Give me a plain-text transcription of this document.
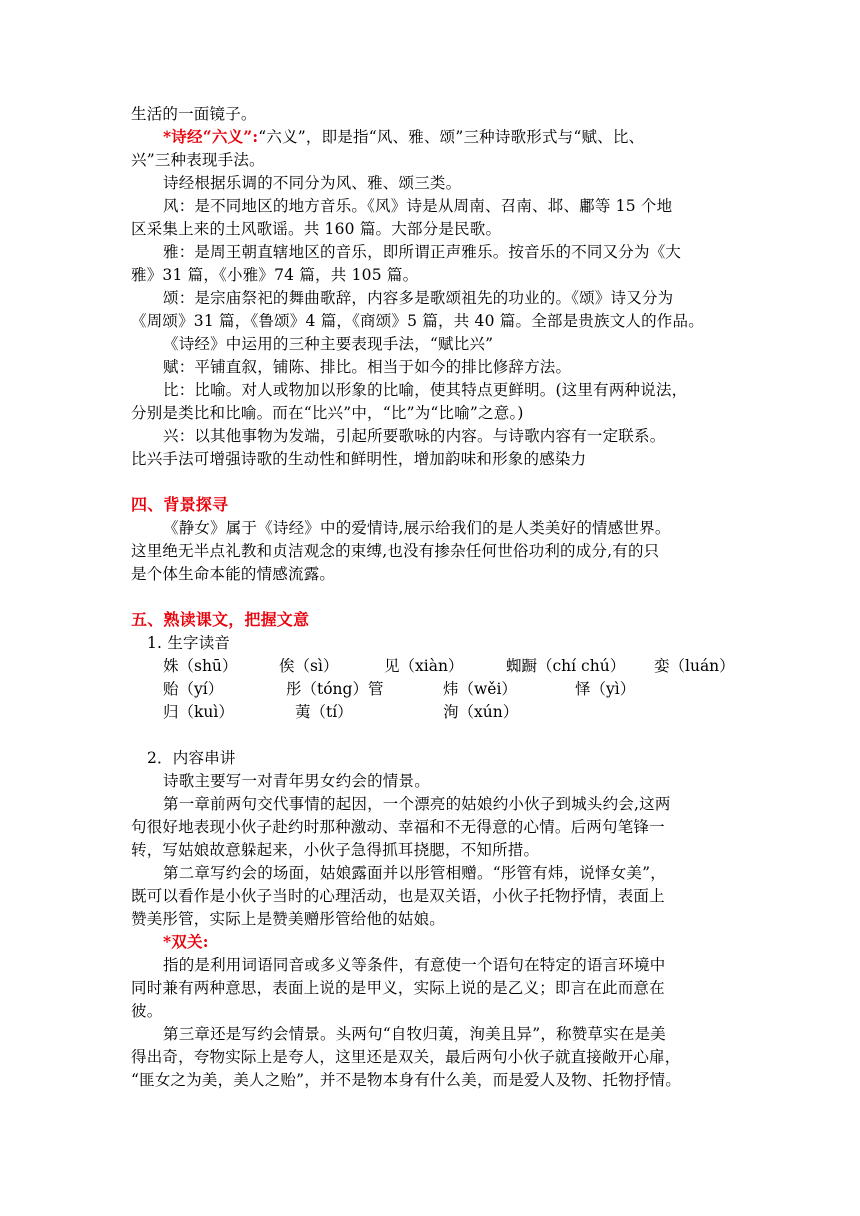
生活的一面镜子。
*诗经“六义”:“六义”，即是指“风、雅、颂”三种诗歌形式与“赋、比、
兴”三种表现手法。
诗经根据乐调的不同分为风、雅、颂三类。
风：是不同地区的地方音乐。《风》诗是从周南、召南、邶、鄘等 15 个地
区采集上来的土风歌谣。共 160 篇。大部分是民歌。
雅：是周王朝直辖地区的音乐，即所谓正声雅乐。按音乐的不同又分为《大
雅》31 篇，《小雅》74 篇，共 105 篇。
颂：是宗庙祭祀的舞曲歌辞，内容多是歌颂祖先的功业的。《颂》诗又分为
《周颂》31 篇，《鲁颂》4 篇，《商颂》5 篇，共 40 篇。全部是贵族文人的作品。
《诗经》中运用的三种主要表现手法，“赋比兴”
赋：平铺直叙，铺陈、排比。相当于如今的排比修辞方法。
比：比喻。对人或物加以形象的比喻，使其特点更鲜明。(这里有两种说法，
分别是类比和比喻。而在“比兴”中，“比”为“比喻”之意。)
兴：以其他事物为发端，引起所要歌咏的内容。与诗歌内容有一定联系。
比兴手法可增强诗歌的生动性和鲜明性，增加韵味和形象的感染力
四、背景探寻
《静女》属于《诗经》中的爱情诗,展示给我们的是人类美好的情感世界。
这里绝无半点礼教和贞洁观念的束缚,也没有掺杂任何世俗功利的成分,有的只
是个体生命本能的情感流露。
五、熟读课文，把握文意
1. 生字读音
姝（shū）	俟（sì）	见（xiàn）	蜘蹰（chí chú） 娈（luán）
贻（yí）	彤（tóng）管	炜（wěi）	怿（yì）
归（kuì）	荑（tí）	洵（xún）
2．内容串讲
诗歌主要写一对青年男女约会的情景。
第一章前两句交代事情的起因，一个漂亮的姑娘约小伙子到城头约会,这两
句很好地表现小伙子赴约时那种激动、幸福和不无得意的心情。后两句笔锋一
转，写姑娘故意躲起来，小伙子急得抓耳挠腮，不知所措。
第二章写约会的场面，姑娘露面并以彤管相赠。“彤管有炜，说怿女美”，
既可以看作是小伙子当时的心理活动，也是双关语，小伙子托物抒情，表面上
赞美彤管，实际上是赞美赠彤管给他的姑娘。
*双关:
指的是利用词语同音或多义等条件，有意使一个语句在特定的语言环境中
同时兼有两种意思，表面上说的是甲义，实际上说的是乙义；即言在此而意在
彼。
第三章还是写约会情景。头两句“自牧归荑，洵美且异”，称赞草实在是美
得出奇，夸物实际上是夸人，这里还是双关，最后两句小伙子就直接敞开心扉，
“匪女之为美，美人之贻”，并不是物本身有什么美，而是爱人及物、托物抒情。
